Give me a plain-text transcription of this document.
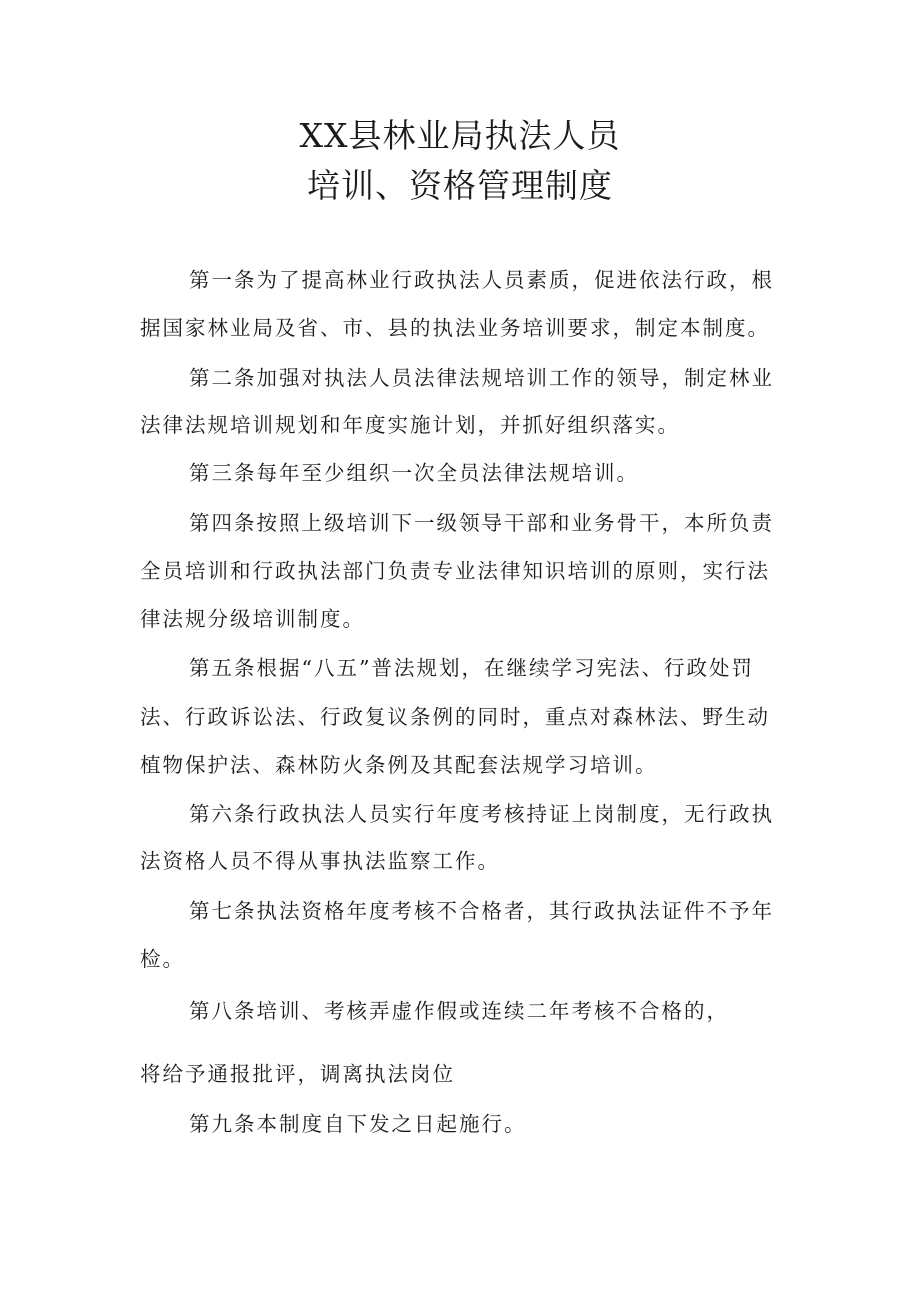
XX县林业局执法人员
培训、资格管理制度
第一条为了提高林业行政执法人员素质，促进依法行政，根
据国家林业局及省、市、县的执法业务培训要求，制定本制度。
第二条加强对执法人员法律法规培训工作的领导，制定林业
法律法规培训规划和年度实施计划，并抓好组织落实。
第三条每年至少组织一次全员法律法规培训。
第四条按照上级培训下一级领导干部和业务骨干，本所负责
全员培训和行政执法部门负责专业法律知识培训的原则，实行法
律法规分级培训制度。
第五条根据“八五”普法规划，在继续学习宪法、行政处罚
法、行政诉讼法、行政复议条例的同时，重点对森林法、野生动
植物保护法、森林防火条例及其配套法规学习培训。
第六条行政执法人员实行年度考核持证上岗制度，无行政执
法资格人员不得从事执法监察工作。
第七条执法资格年度考核不合格者，其行政执法证件不予年
检。
第八条培训、考核弄虚作假或连续二年考核不合格的，
将给予通报批评，调离执法岗位
第九条本制度自下发之日起施行。
